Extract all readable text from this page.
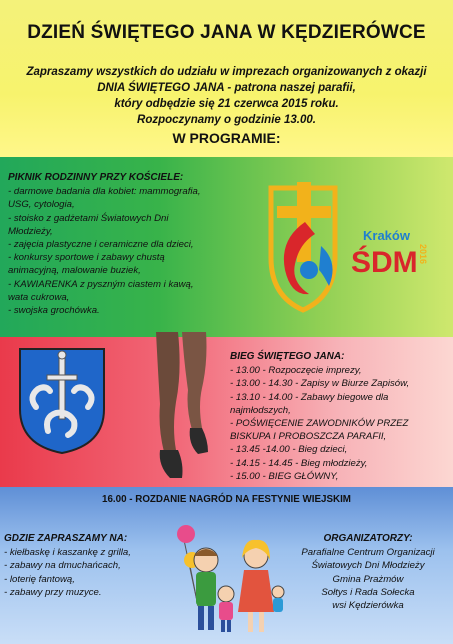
DZIEŃ ŚWIĘTEGO JANA W KĘDZIERÓWCE
Zapraszamy wszystkich do udziału w imprezach organizowanych z okazji
DNIA ŚWIĘTEGO JANA - patrona naszej parafii,
który odbędzie się 21 czerwca 2015 roku.
Rozpoczynamy o godzinie 13.00.
W PROGRAMIE:
PIKNIK RODZINNY PRZY KOŚCIELE:
- darmowe badania dla kobiet: mammografia,
USG, cytologia,
- stoisko z gadżetami Światowych Dni
Młodzieży,
- zajęcia plastyczne i ceramiczne dla dzieci,
- konkursy sportowe i zabawy chustą
animacyjną, malowanie buziek,
- KAWIARENKA z pyszným ciastem i kawą,
wata cukrowa,
- swojska grochówka.
Kraków
ŚDM 2016
BIEG ŚWIĘTEGO JANA:
- 13.00 - Rozpoczęcie imprezy,
- 13.00 - 14.30 - Zapisy w Biurze Zapisów,
- 13.10 - 14.00 - Zabawy biegowe dla
najmłodszych,
- POŚWIĘCENIE ZAWODNIKÓW PRZEZ
BISKUPA I PROBOSZCZA PARAFII,
- 13.45 -14.00 - Bieg dzieci,
- 14.15 - 14.45 - Bieg młodzieży,
- 15.00 - BIEG GŁÓWNY,
16.00 - ROZDANIE NAGRÓD NA FESTYNIE WIEJSKIM
GDZIE ZAPRASZAMY NA:
- kiełbaskę i kaszankę z grilla,
- zabawy na dmuchańcach,
- loterię fantową,
- zabawy przy muzyce.
ORGANIZATORZY:
Parafialne Centrum Organizacji
Światowych Dni Młodzieży
Gmina Prażmów
Sołtys i Rada Sołecka
wsi Kędzierówka
